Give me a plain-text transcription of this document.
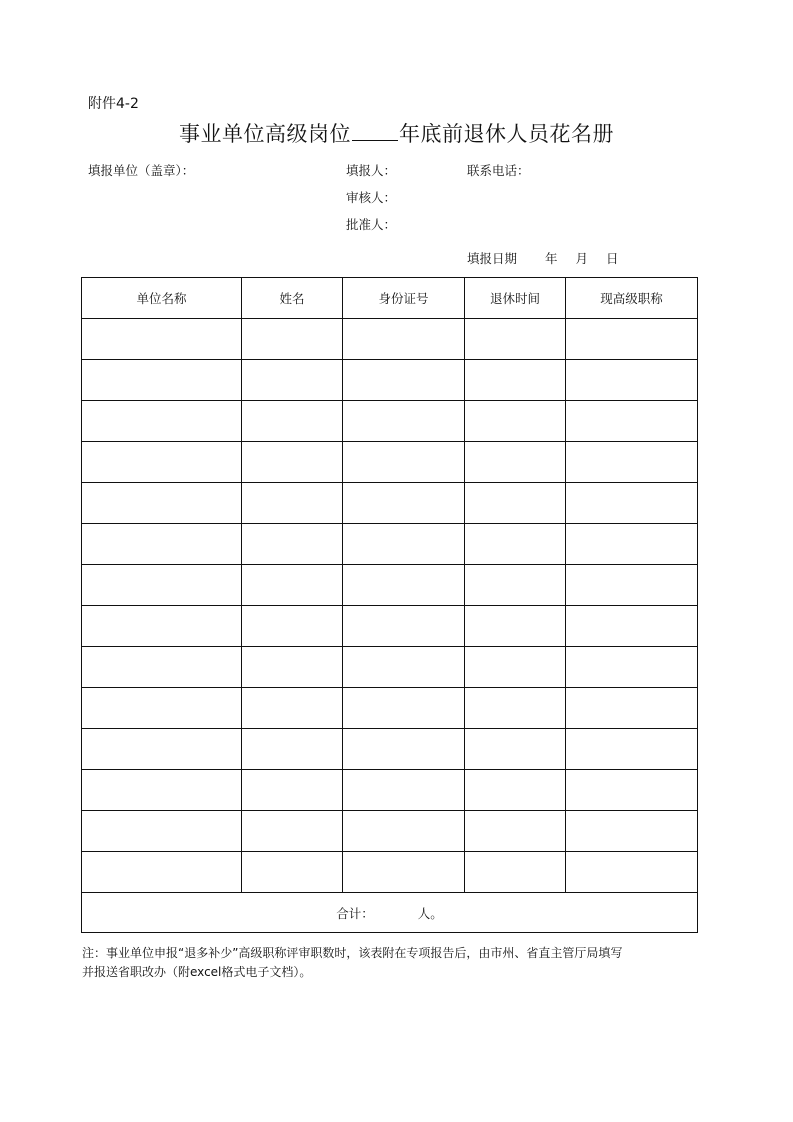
附件4-2
事业单位高级岗位 年底前退休人员花名册
填报单位（盖章）：	填报人：	联系电话：
审核人：
批准人：
填报日期 年 月 日
单位名称	姓名	身份证号	退休时间	现高级职称

合计： 人。				
注：事业单位申报“退多补少”高级职称评审职数时，该表附在专项报告后，由市州、省直主管厅局填写
并报送省职改办（附excel格式电子文档）。
